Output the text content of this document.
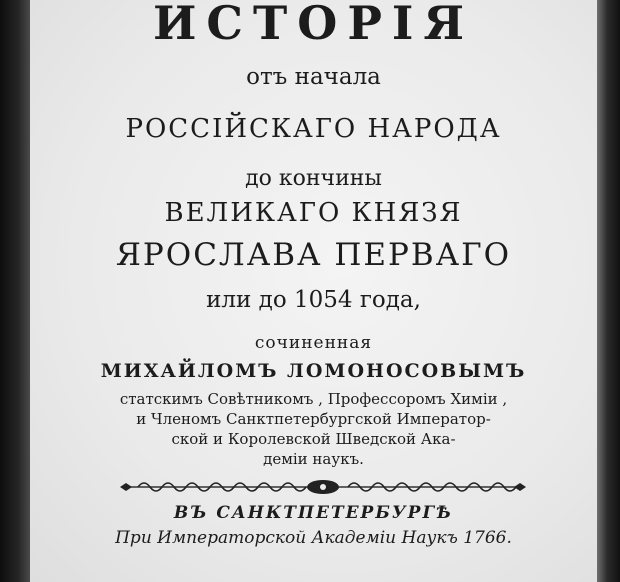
ИСТОРІЯ
отъ начала
РОССІЙСКАГО НАРОДА
до кончины
ВЕЛИКАГО КНЯЗЯ
ЯРОСЛАВА ПЕРВАГО
или до 1054 года,
сочиненная
МИХАЙЛОМЪ ЛОМОНОСОВЫМЪ
статскимъ Совѣтникомъ , Профессоромъ Химіи ,
и Членомъ Санктпетербургской Император-
ской и Королевской Шведской Ака-
деміи наукъ.
ВЪ САНКТПЕТЕРБУРГѢ
При Императорской Академіи Наукъ 1766.
